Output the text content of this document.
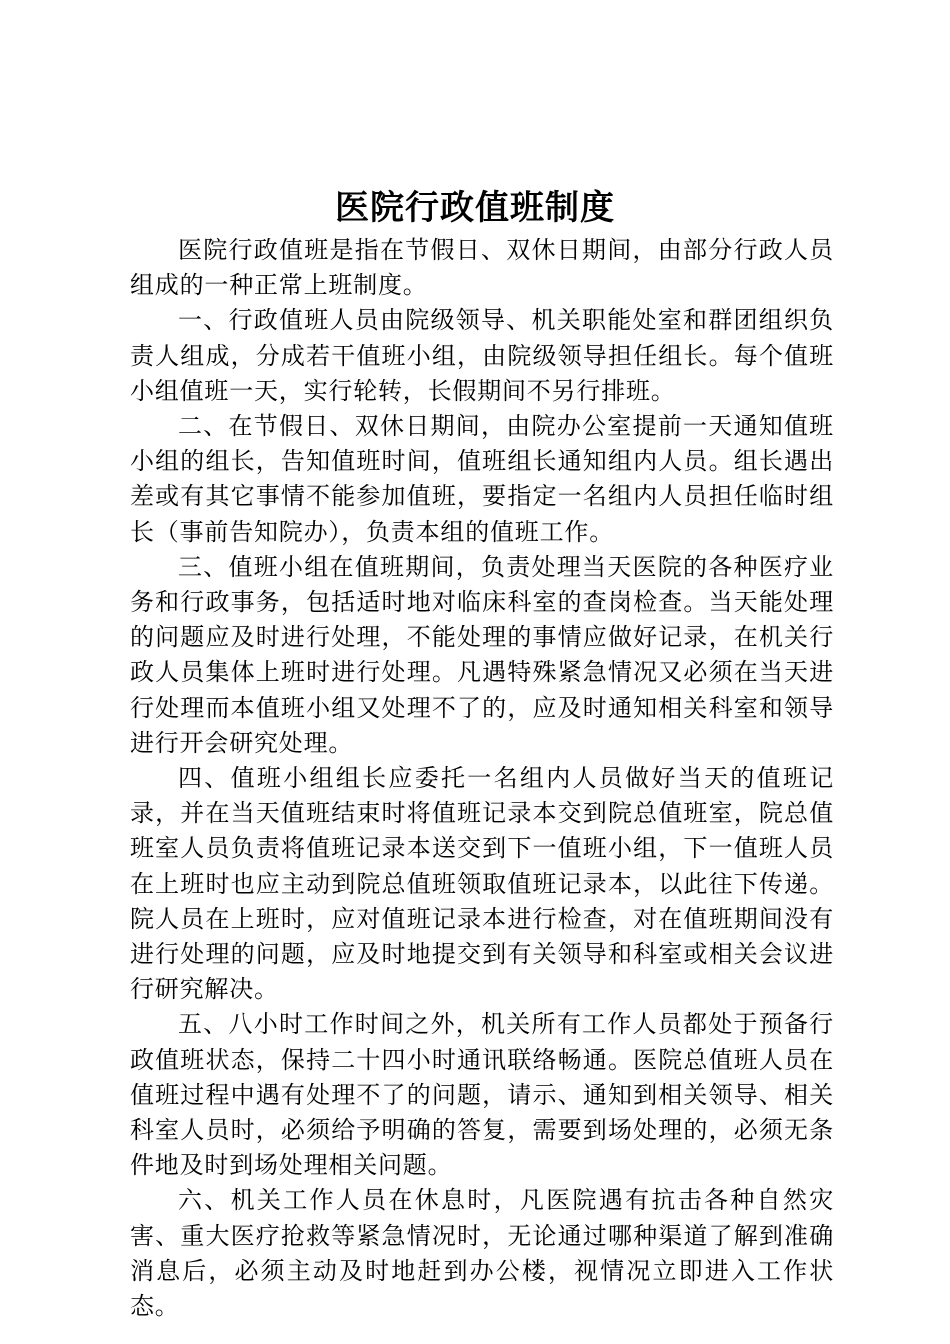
医院行政值班制度

医院行政值班是指在节假日、双休日期间，由部分行政人员组成的一种正常上班制度。

一、行政值班人员由院级领导、机关职能处室和群团组织负责人组成，分成若干值班小组，由院级领导担任组长。每个值班小组值班一天，实行轮转，长假期间不另行排班。

二、在节假日、双休日期间，由院办公室提前一天通知值班小组的组长，告知值班时间，值班组长通知组内人员。组长遇出差或有其它事情不能参加值班，要指定一名组内人员担任临时组长（事前告知院办），负责本组的值班工作。

三、值班小组在值班期间，负责处理当天医院的各种医疗业务和行政事务，包括适时地对临床科室的查岗检查。当天能处理的问题应及时进行处理，不能处理的事情应做好记录，在机关行政人员集体上班时进行处理。凡遇特殊紧急情况又必须在当天进行处理而本值班小组又处理不了的，应及时通知相关科室和领导进行开会研究处理。

四、值班小组组长应委托一名组内人员做好当天的值班记录，并在当天值班结束时将值班记录本交到院总值班室，院总值班室人员负责将值班记录本送交到下一值班小组，下一值班人员在上班时也应主动到院总值班领取值班记录本，以此往下传递。院人员在上班时，应对值班记录本进行检查，对在值班期间没有进行处理的问题，应及时地提交到有关领导和科室或相关会议进行研究解决。

五、八小时工作时间之外，机关所有工作人员都处于预备行政值班状态，保持二十四小时通讯联络畅通。医院总值班人员在值班过程中遇有处理不了的问题，请示、通知到相关领导、相关科室人员时，必须给予明确的答复，需要到场处理的，必须无条件地及时到场处理相关问题。

六、机关工作人员在休息时，凡医院遇有抗击各种自然灾害、重大医疗抢救等紧急情况时，无论通过哪种渠道了解到准确消息后，必须主动及时地赶到办公楼，视情况立即进入工作状态。
